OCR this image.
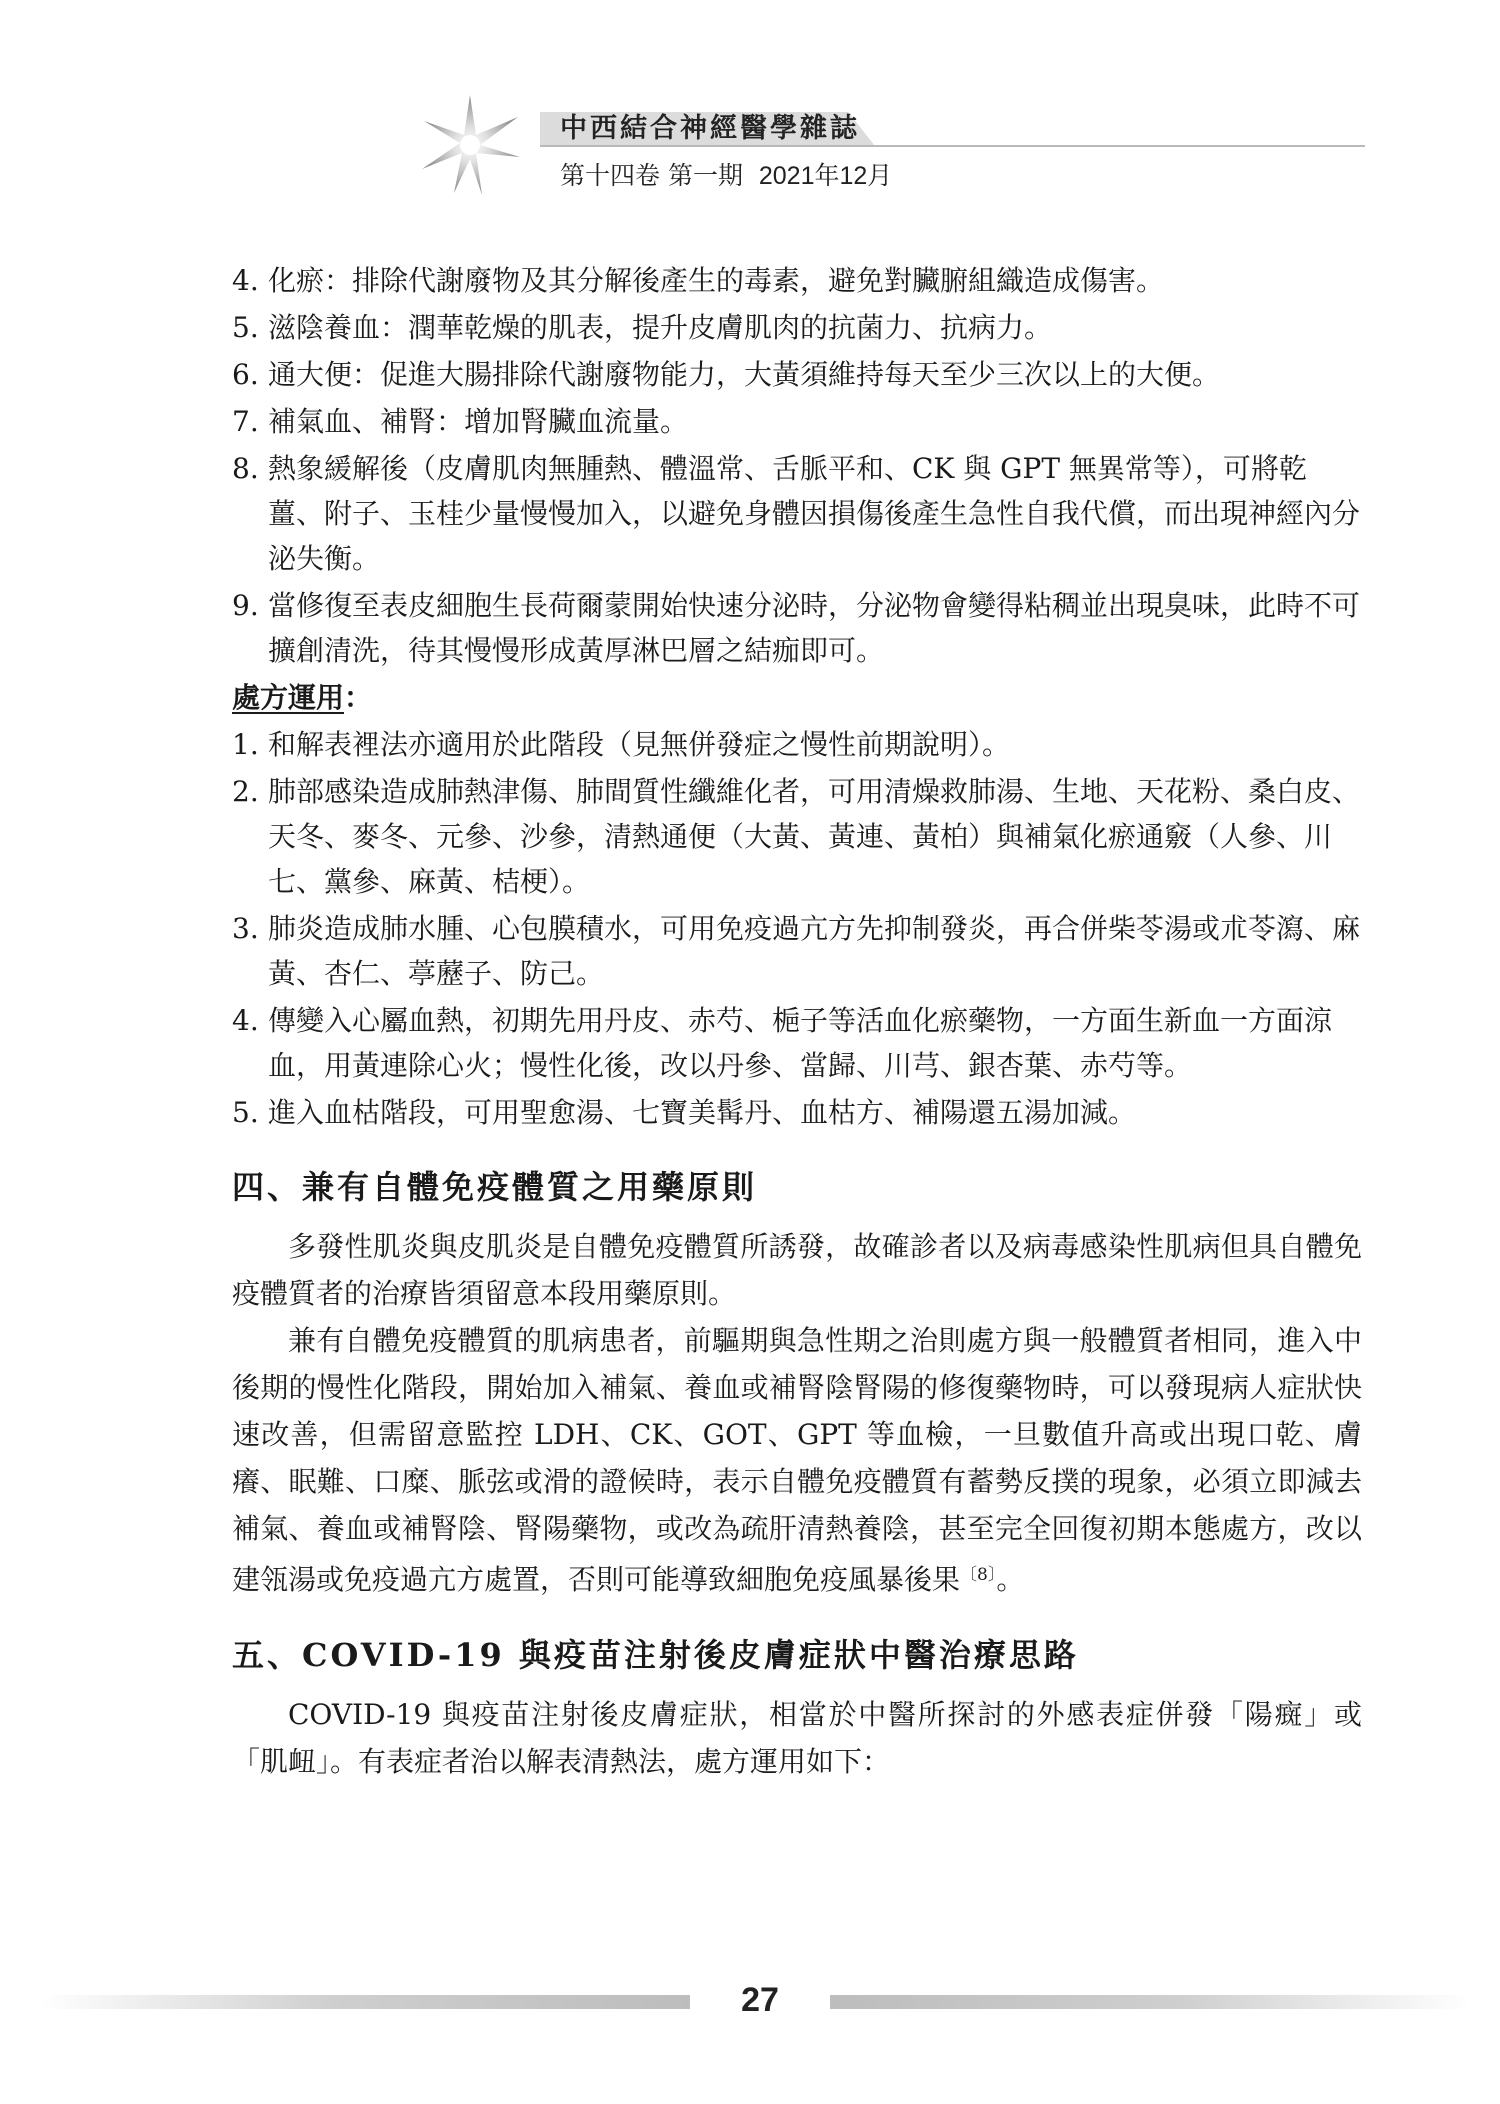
中西結合神經醫學雜誌
第十四卷 第一期 2021年12月
4. 化瘀：排除代謝廢物及其分解後產生的毒素，避免對臟腑組織造成傷害。
5. 滋陰養血：潤華乾燥的肌表，提升皮膚肌肉的抗菌力、抗病力。
6. 通大便：促進大腸排除代謝廢物能力，大黃須維持每天至少三次以上的大便。
7. 補氣血、補腎：增加腎臟血流量。
8. 熱象緩解後（皮膚肌肉無腫熱、體溫常、舌脈平和、CK 與 GPT 無異常等），可將乾薑、附子、玉桂少量慢慢加入，以避免身體因損傷後產生急性自我代償，而出現神經內分泌失衡。
9. 當修復至表皮細胞生長荷爾蒙開始快速分泌時，分泌物會變得粘稠並出現臭味，此時不可擴創清洗，待其慢慢形成黃厚淋巴層之結痂即可。
處方運用：
1. 和解表裡法亦適用於此階段（見無併發症之慢性前期說明）。
2. 肺部感染造成肺熱津傷、肺間質性纖維化者，可用清燥救肺湯、生地、天花粉、桑白皮、天冬、麥冬、元參、沙參，清熱通便（大黃、黃連、黃柏）與補氣化瘀通竅（人參、川七、黨參、麻黃、桔梗）。
3. 肺炎造成肺水腫、心包膜積水，可用免疫過亢方先抑制發炎，再合併柴苓湯或朮苓瀉、麻黃、杏仁、葶藶子、防己。
4. 傳變入心屬血熱，初期先用丹皮、赤芍、梔子等活血化瘀藥物，一方面生新血一方面涼血，用黃連除心火；慢性化後，改以丹參、當歸、川芎、銀杏葉、赤芍等。
5. 進入血枯階段，可用聖愈湯、七寶美髯丹、血枯方、補陽還五湯加減。
四、兼有自體免疫體質之用藥原則

多發性肌炎與皮肌炎是自體免疫體質所誘發，故確診者以及病毒感染性肌病但具自體免疫體質者的治療皆須留意本段用藥原則。

兼有自體免疫體質的肌病患者，前驅期與急性期之治則處方與一般體質者相同，進入中後期的慢性化階段，開始加入補氣、養血或補腎陰腎陽的修復藥物時，可以發現病人症狀快速改善，但需留意監控 LDH、CK、GOT、GPT 等血檢，一旦數值升高或出現口乾、膚癢、眠難、口糜、脈弦或滑的證候時，表示自體免疫體質有蓄勢反撲的現象，必須立即減去補氣、養血或補腎陰、腎陽藥物，或改為疏肝清熱養陰，甚至完全回復初期本態處方，改以建瓴湯或免疫過亢方處置，否則可能導致細胞免疫風暴後果$^{〔8〕}$。

五、COVID-19 與疫苗注射後皮膚症狀中醫治療思路

COVID-19 與疫苗注射後皮膚症狀，相當於中醫所探討的外感表症併發「陽癍」或「肌衄」。有表症者治以解表清熱法，處方運用如下：

27
